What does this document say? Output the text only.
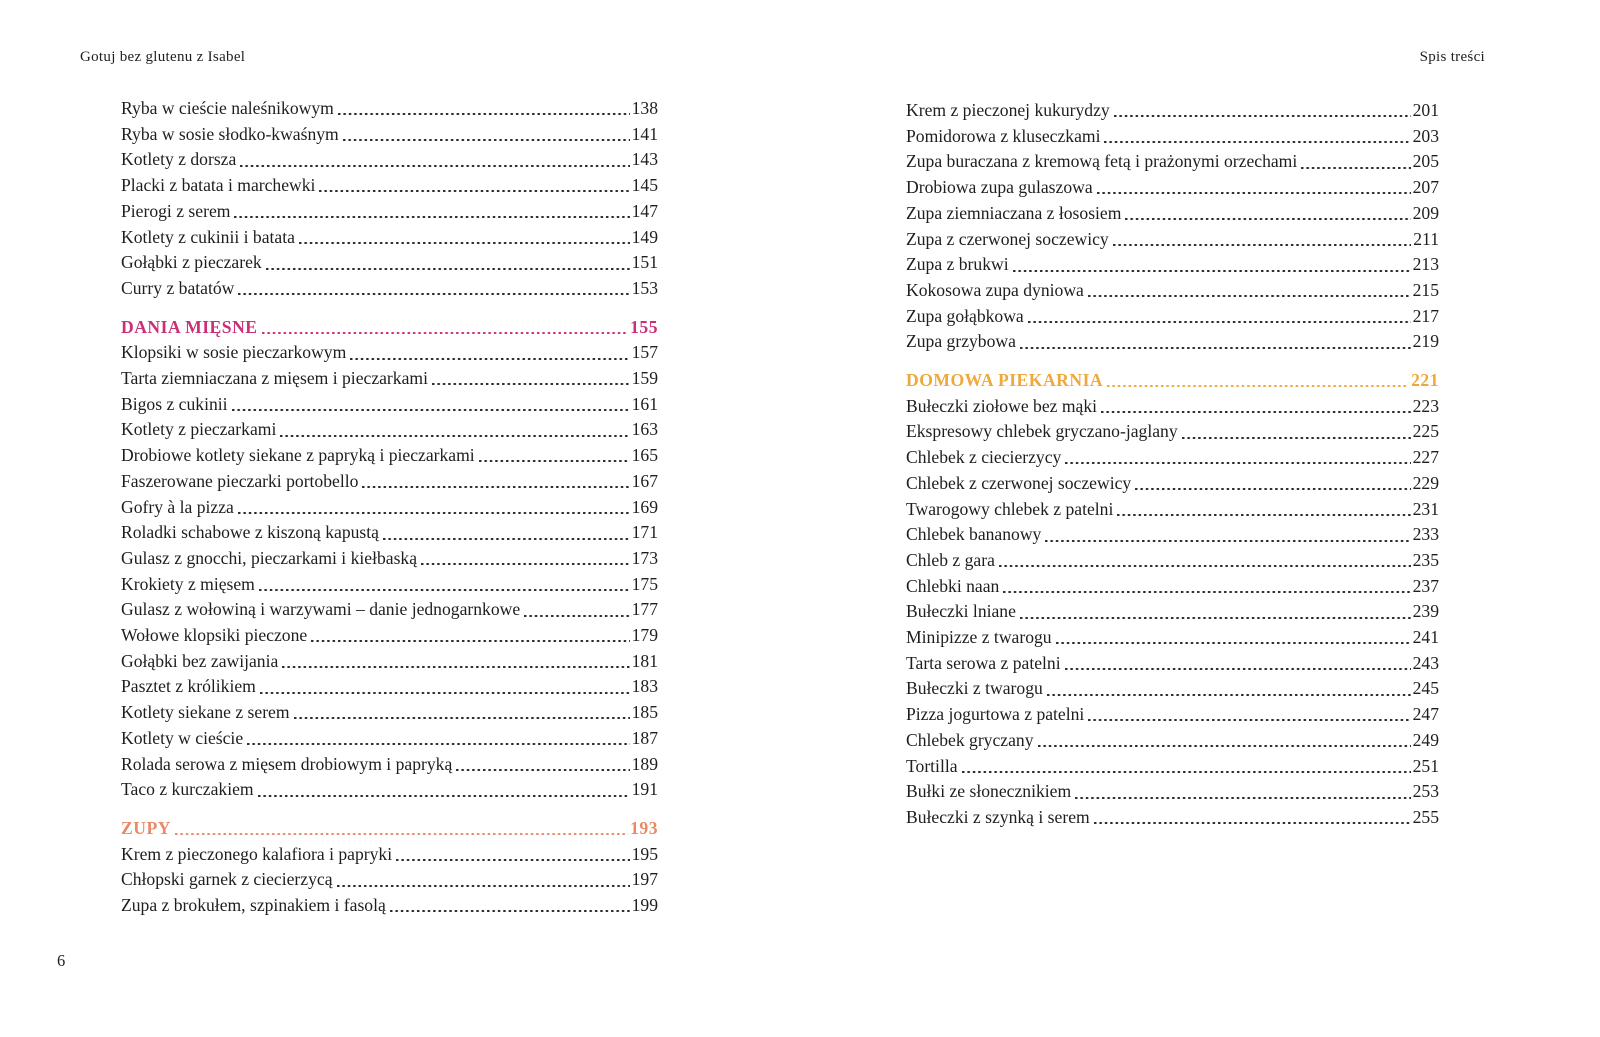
Gotuj bez glutenu z Isabel	Spis treści
Ryba w cieście naleśnikowym	138
Ryba w sosie słodko-kwaśnym	141
Kotlety z dorsza	143
Placki z batata i marchewki	145
Pierogi z serem	147
Kotlety z cukinii i batata	149
Gołąbki z pieczarek	151
Curry z batatów	153
DANIA MIĘSNE	155
Klopsiki w sosie pieczarkowym	157
Tarta ziemniaczana z mięsem i pieczarkami	159
Bigos z cukinii	161
Kotlety z pieczarkami	163
Drobiowe kotlety siekane z papryką i pieczarkami	165
Faszerowane pieczarki portobello	167
Gofry à la pizza	169
Roladki schabowe z kiszoną kapustą	171
Gulasz z gnocchi, pieczarkami i kiełbaską	173
Krokiety z mięsem	175
Gulasz z wołowiną i warzywami – danie jednogarnkowe	177
Wołowe klopsiki pieczone	179
Gołąbki bez zawijania	181
Pasztet z królikiem	183
Kotlety siekane z serem	185
Kotlety w cieście	187
Rolada serowa z mięsem drobiowym i papryką	189
Taco z kurczakiem	191
ZUPY	193
Krem z pieczonego kalafiora i papryki	195
Chłopski garnek z ciecierzycą	197
Zupa z brokułem, szpinakiem i fasolą	199
Krem z pieczonej kukurydzy	201
Pomidorowa z kluseczkami	203
Zupa buraczana z kremową fetą i prażonymi orzechami	205
Drobiowa zupa gulaszowa	207
Zupa ziemniaczana z łososiem	209
Zupa z czerwonej soczewicy	211
Zupa z brukwi	213
Kokosowa zupa dyniowa	215
Zupa gołąbkowa	217
Zupa grzybowa	219
DOMOWA PIEKARNIA	221
Bułeczki ziołowe bez mąki	223
Ekspresowy chlebek gryczano-jaglany	225
Chlebek z ciecierzycy	227
Chlebek z czerwonej soczewicy	229
Twarogowy chlebek z patelni	231
Chlebek bananowy	233
Chleb z gara	235
Chlebki naan	237
Bułeczki lniane	239
Minipizze z twarogu	241
Tarta serowa z patelni	243
Bułeczki z twarogu	245
Pizza jogurtowa z patelni	247
Chlebek gryczany	249
Tortilla	251
Bułki ze słonecznikiem	253
Bułeczki z szynką i serem	255
6
